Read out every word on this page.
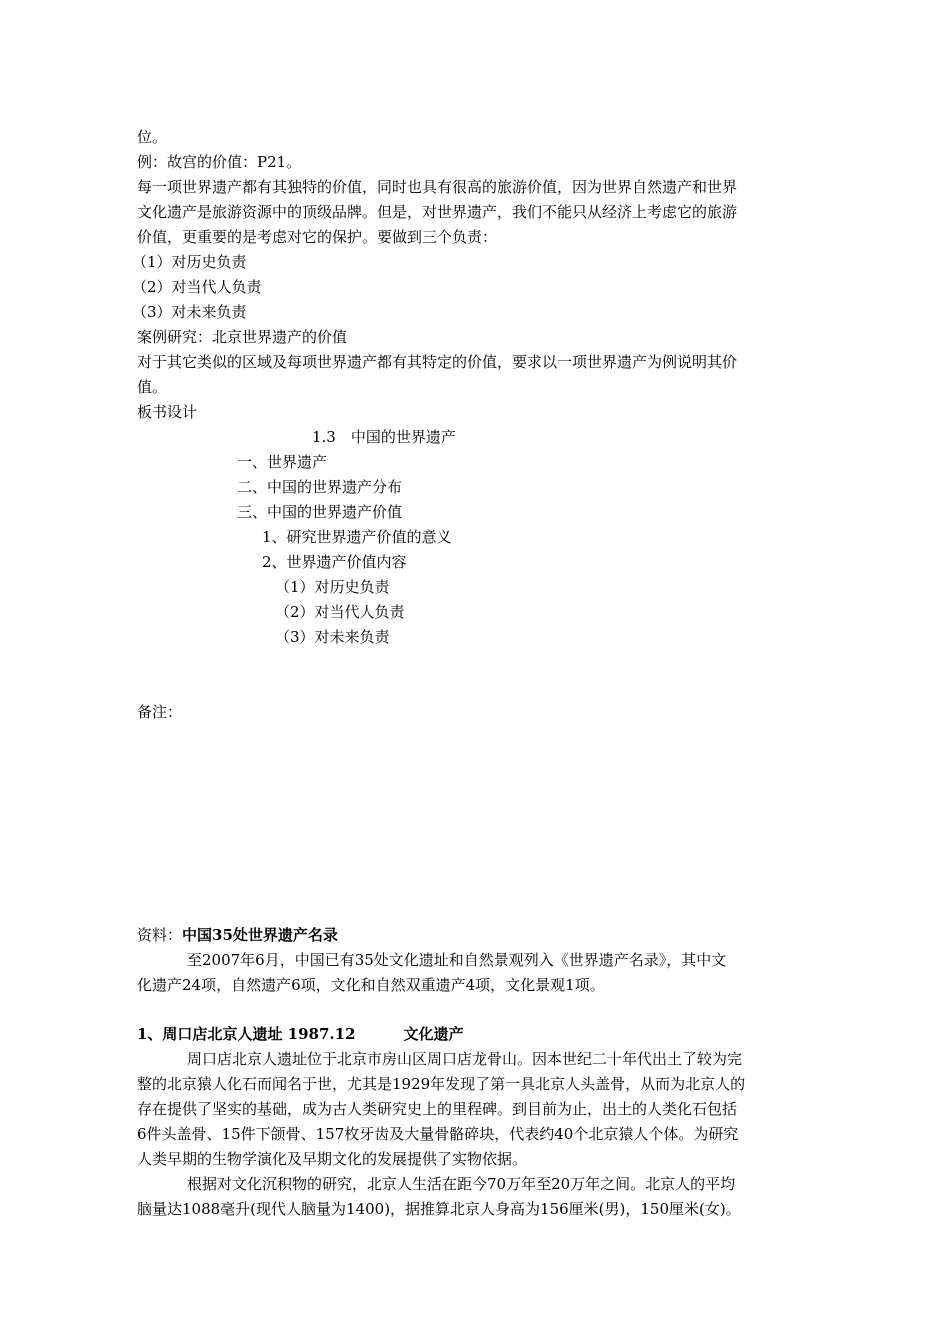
位。
例：故宫的价值：P21。
每一项世界遗产都有其独特的价值，同时也具有很高的旅游价值，因为世界自然遗产和世界
文化遗产是旅游资源中的顶级品牌。但是，对世界遗产，我们不能只从经济上考虑它的旅游
价值，更重要的是考虑对它的保护。要做到三个负责：
（1）对历史负责
（2）对当代人负责
（3）对未来负责
案例研究：北京世界遗产的价值
对于其它类似的区域及每项世界遗产都有其特定的价值，要求以一项世界遗产为例说明其价
值。
板书设计
1.3　中国的世界遗产
一、世界遗产
二、中国的世界遗产分布
三、中国的世界遗产价值
1、研究世界遗产价值的意义
2、世界遗产价值内容
（1）对历史负责
（2）对当代人负责
（3）对未来负责
备注：
资料：中国35处世界遗产名录
至2007年6月，中国已有35处文化遗址和自然景观列入《世界遗产名录》，其中文
化遗产24项，自然遗产6项，文化和自然双重遗产4项，文化景观1项。
1、周口店北京人遗址 1987.12	文化遗产
周口店北京人遗址位于北京市房山区周口店龙骨山。因本世纪二十年代出土了较为完
整的北京猿人化石而闻名于世，尤其是1929年发现了第一具北京人头盖骨，从而为北京人的
存在提供了坚实的基础，成为古人类研究史上的里程碑。到目前为止，出土的人类化石包括
6件头盖骨、15件下颌骨、157枚牙齿及大量骨骼碎块，代表约40个北京猿人个体。为研究
人类早期的生物学演化及早期文化的发展提供了实物依据。
根据对文化沉积物的研究，北京人生活在距今70万年至20万年之间。北京人的平均
脑量达1088毫升(现代人脑量为1400)，据推算北京人身高为156厘米(男)，150厘米(女)。
